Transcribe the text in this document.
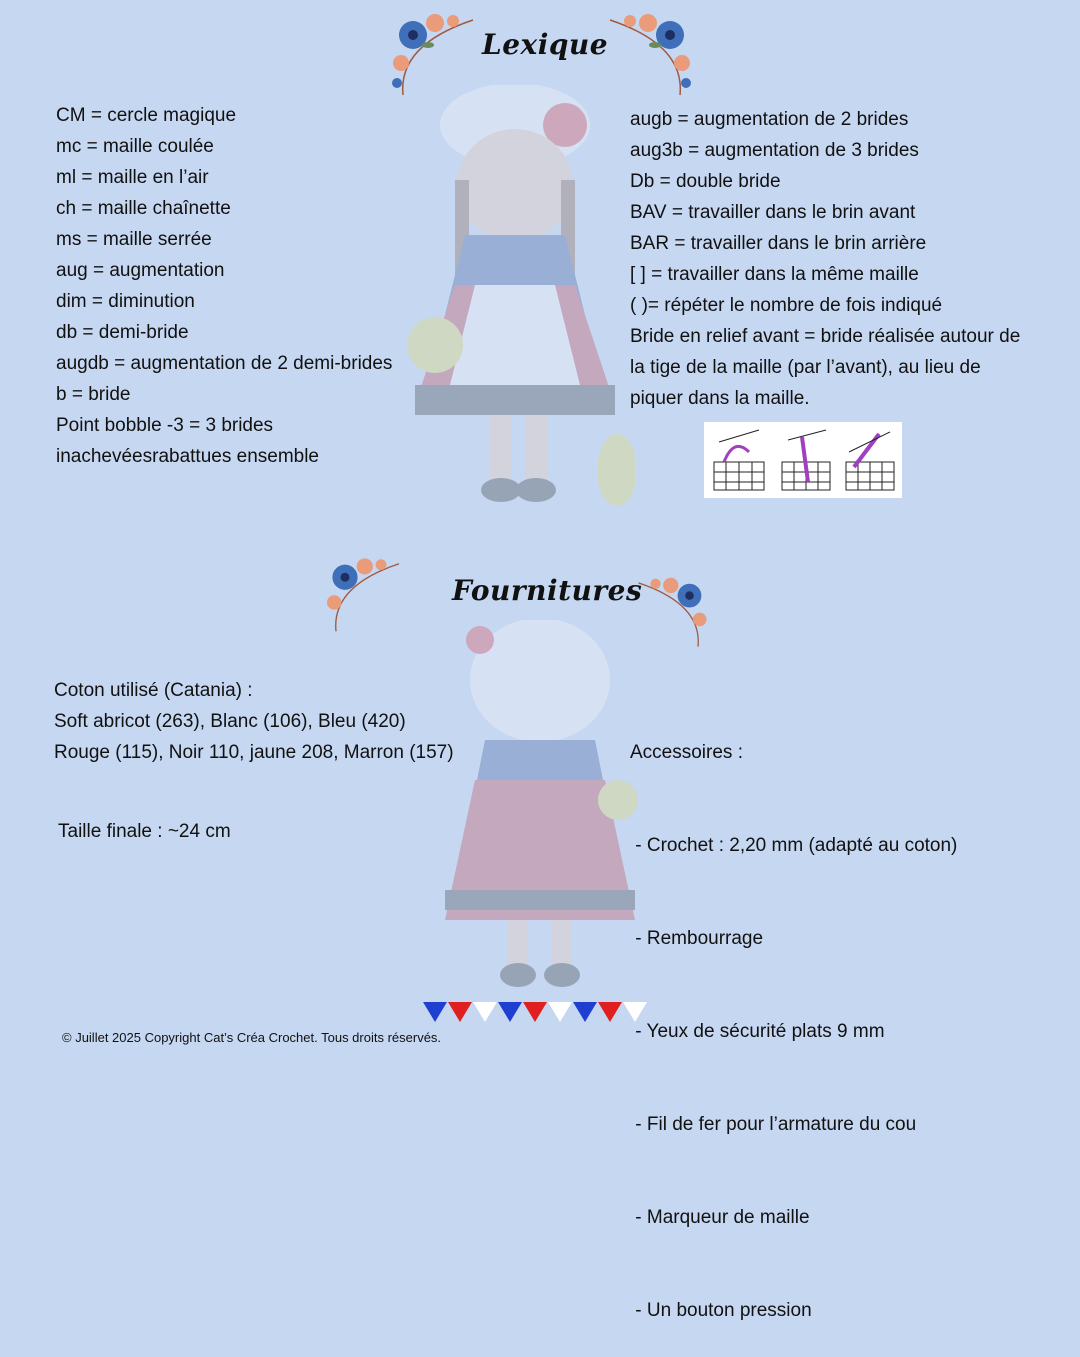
Lexique
Fournitures
CM = cercle magique
mc = maille coulée
ml = maille en l’air
ch = maille chaînette
ms = maille serrée
aug = augmentation
dim = diminution
db = demi-bride
augdb = augmentation de 2 demi-brides
b = bride
Point bobble -3 = 3 brides
inachevéesrabattues ensemble
augb = augmentation de 2 brides
aug3b = augmentation de 3 brides
Db = double bride
BAV = travailler dans le brin avant
BAR = travailler dans le brin arrière
[ ] = travailler dans la même maille
( )= répéter le nombre de fois indiqué
Bride en relief avant = bride réalisée autour de
la tige de la maille (par l’avant), au lieu de
piquer dans la maille.
Coton utilisé (Catania) :
Soft abricot (263), Blanc (106), Bleu (420)
Rouge (115), Noir 110, jaune 208, Marron (157)
Taille finale : ~24 cm

Accessoires :

- Crochet : 2,20 mm (adapté au coton)

- Rembourrage

- Yeux de sécurité plats 9 mm

- Fil de fer pour l’armature du cou

- Marqueur de maille

- Un bouton pression

© Juillet 2025 Copyright Cat’s Créa Crochet. Tous droits réservés.
